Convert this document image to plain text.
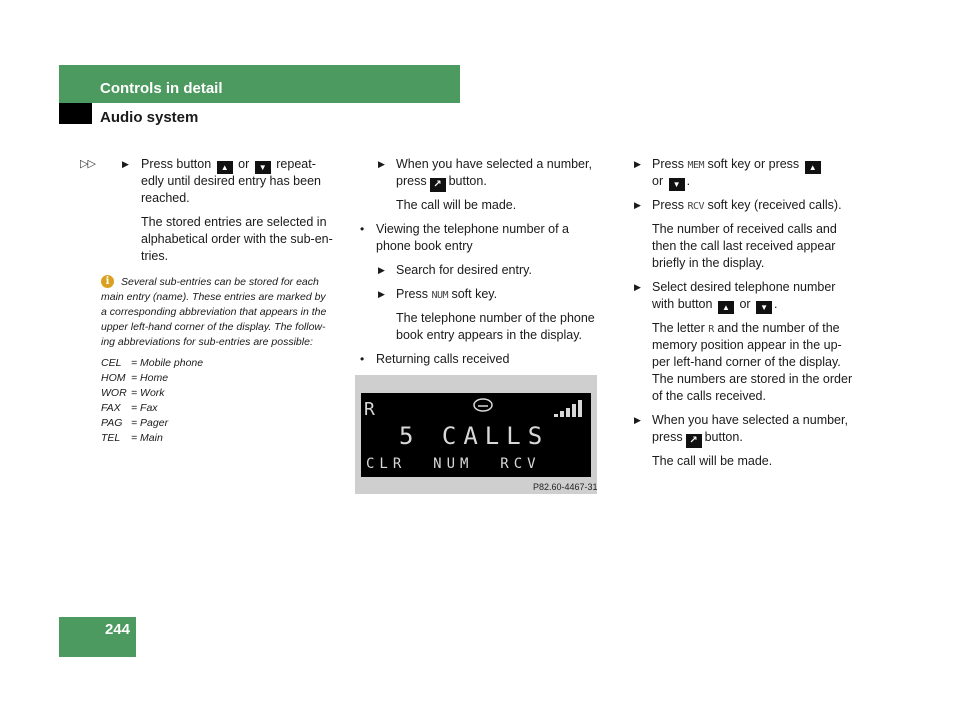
Controls in detail
Audio system
▷▷	▶ Press button ▲ or ▼ repeat-
edly until desired entry has been
reached.
The stored entries are selected in
alphabetical order with the sub-en-
tries.
i	Several sub-entries can be stored for each
main entry (name). These entries are marked by
a corresponding abbreviation that appears in the
upper left-hand corner of the display. The follow-
ing abbreviations for sub-entries are possible:
CEL = Mobile phone
HOM = Home
WOR = Work
FAX = Fax
PAG = Pager
TEL = Main
▶ When you have selected a number,
press ↗ button.
The call will be made.
• Viewing the telephone number of a
phone book entry
▶ Search for desired entry.
▶ Press NUM soft key.
The telephone number of the phone
book entry appears in the display.
• Returning calls received
R
5 CALLS
CLR  NUM  RCV
P82.60-4467-31
▶ Press MEM soft key or press ▲
or ▼ .
▶ Press RCV soft key (received calls).
The number of received calls and
then the call last received appear
briefly in the display.
▶ Select desired telephone number
with button ▲ or ▼ .
The letter R and the number of the
memory position appear in the up-
per left-hand corner of the display.
The numbers are stored in the order
of the calls received.
▶ When you have selected a number,
press ↗ button.
The call will be made.
244
